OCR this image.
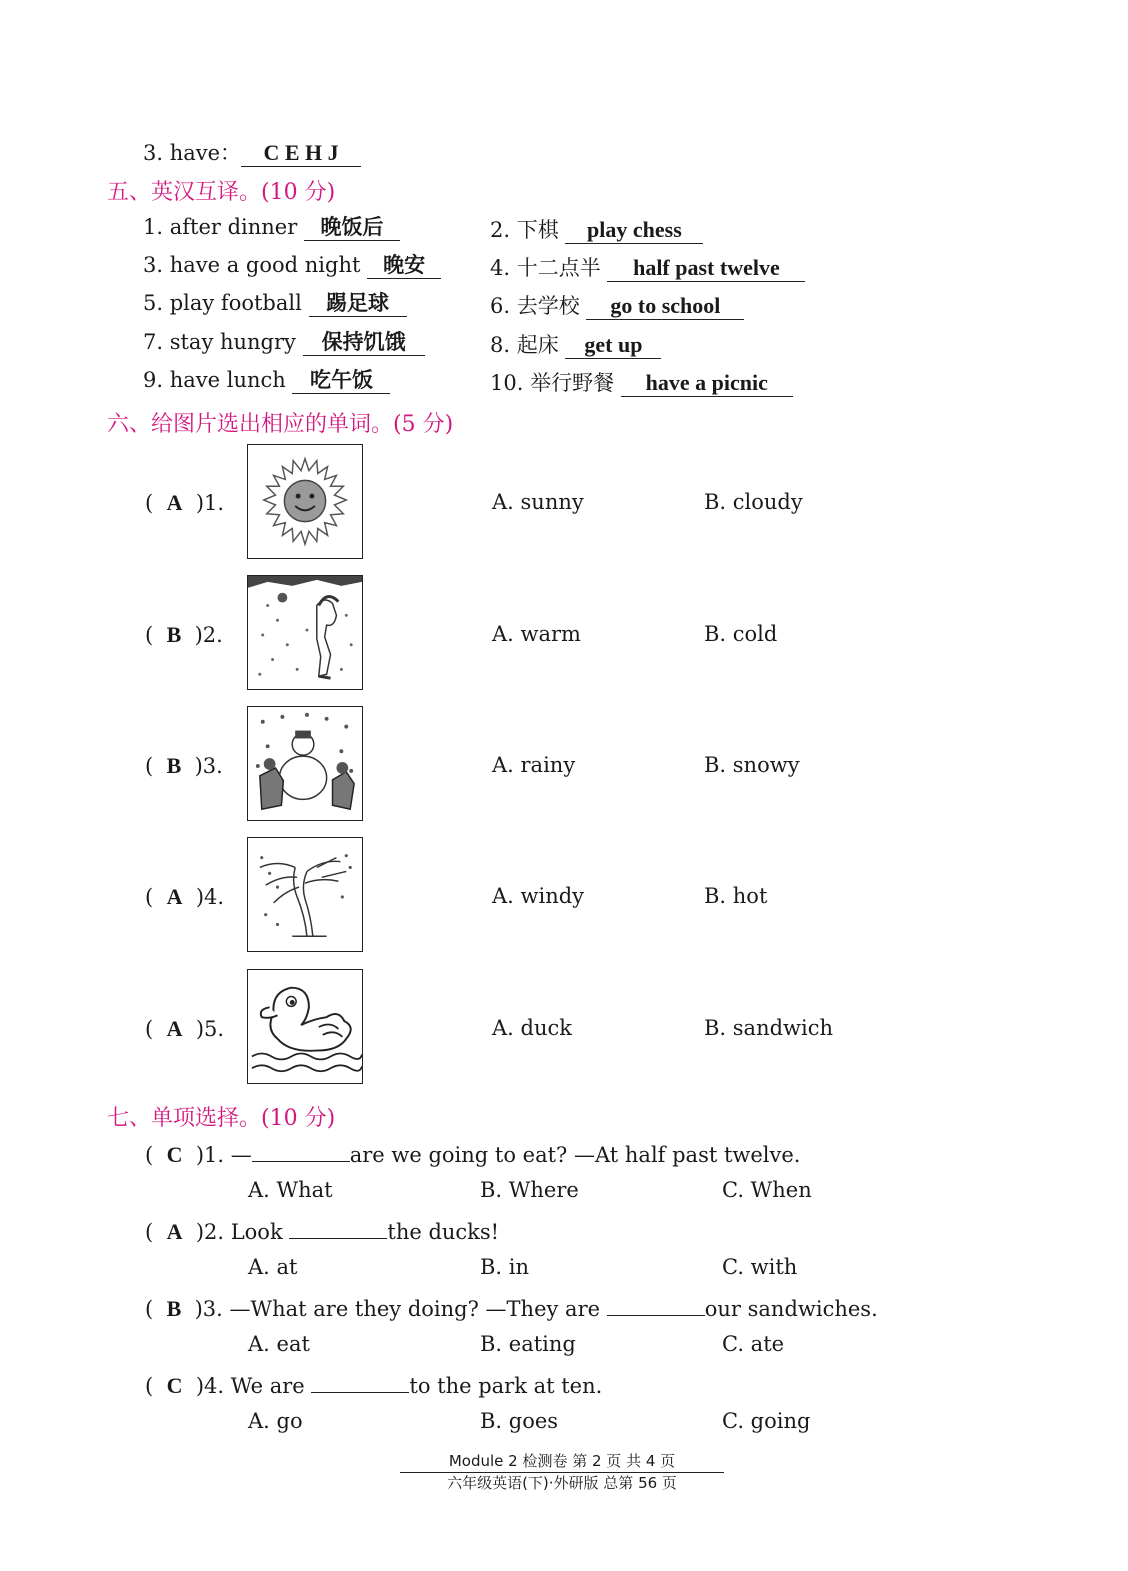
3. have： C E H J
五、英汉互译。(10 分)
1. after dinner 晚饭后	2. 下棋 play chess
3. have a good night 晚安	4. 十二点半 half past twelve
5. play football 踢足球	6. 去学校 go to school
7. stay hungry 保持饥饿	8. 起床 get up
9. have lunch 吃午饭	10. 举行野餐 have a picnic
六、给图片选出相应的单词。(5 分)
( A )1.	A. sunny	B. cloudy
( B )2.	A. warm	B. cold
( B )3.	A. rainy	B. snowy
( A )4.	A. windy	B. hot
( A )5.	A. duck	B. sandwich
七、单项选择。(10 分)
( C )1. —	are we going to eat? —At half past twelve.
A. What	B. Where	C. When
( A )2. Look	the ducks!
A. at	B. in	C. with
( B )3. —What are they doing? —They are	our sandwiches.
A. eat	B. eating	C. ate
( C )4. We are	to the park at ten.
A. go	B. goes	C. going
Module 2 检测卷 第 2 页 共 4 页
六年级英语(下)·外研版 总第 56 页
